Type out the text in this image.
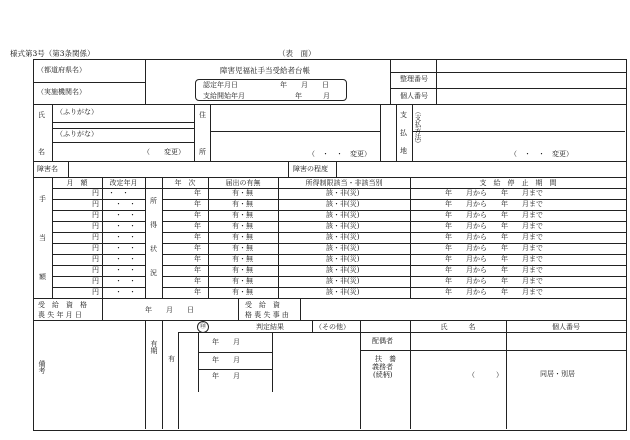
様式第3号（第3条関係）	（表　面）
（都道府県名）
（実施機関名）
障害児福祉手当受給者台帳
認定年月日	年　　月　　日
支給開始年月	年　　　月
整理番号
個人番号
氏
名
（ふりがな）
（ふりがな）
（　　変更）
住
所	（　・　・　変更）
支
払
地
（支払方法）
（　・　・　変更）
障害名	障害の程度
月　額	改定年月	年　次	届出の有無	所得制限該当・非該当別	支　給　停　止　期　間
手
当
額
所
得
状
況
円 ・　・	年	有・無	該・非(災)	年　　月から　　年　　月まで
円 ・　・	年	有・無	該・非(災)	年　　月から　　年　　月まで
円 ・　・	年	有・無	該・非(災)	年　　月から　　年　　月まで
円 ・　・	年	有・無	該・非(災)	年　　月から　　年　　月まで
円 ・　・	年	有・無	該・非(災)	年　　月から　　年　　月まで
円 ・　・	年	有・無	該・非(災)	年　　月から　　年　　月まで
円 ・　・	年	有・無	該・非(災)	年　　月から　　年　　月まで
円 ・　・	年	有・無	該・非(災)	年　　月から　　年　　月まで
円 ・　・	年	有・無	該・非(災)	年　　月から　　年　　月まで
円 ・　・	年	有・無	該・非(災)	年　　月から　　年　　月まで
受　給　資　格
喪 失 年 月 日
年　　月　　日
受　給　資
格 喪 失 事 由
備考
有期
㊞	判定結果	（その他）
有
年　　月
年　　月
年　　月
氏　　　名	個人番号
配偶者
扶　養
義務者
(続柄)	（　　　）	同居・別居
